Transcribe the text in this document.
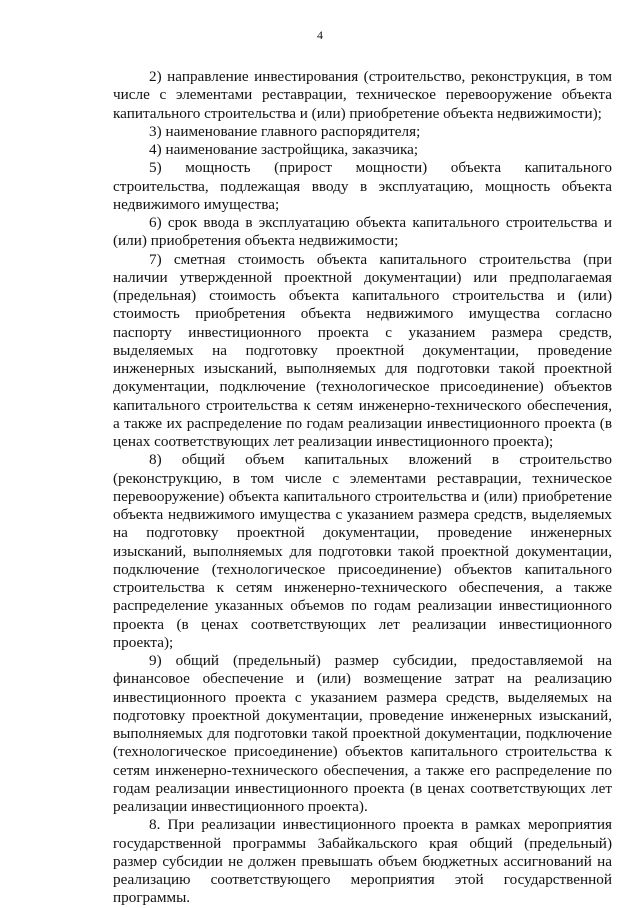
4

2) направление инвестирования (строительство, реконструкция, в том числе с элементами реставрации, техническое перевооружение объекта капитального строительства и (или) приобретение объекта недвижимости);

3) наименование главного распорядителя;

4) наименование застройщика, заказчика;

5) мощность (прирост мощности) объекта капитального строительства, подлежащая вводу в эксплуатацию, мощность объекта недвижимого имущества;

6) срок ввода в эксплуатацию объекта капитального строительства и (или) приобретения объекта недвижимости;

7) сметная стоимость объекта капитального строительства (при наличии утвержденной проектной документации) или предполагаемая (предельная) стоимость объекта капитального строительства и (или) стоимость приобретения объекта недвижимого имущества согласно паспорту инвестиционного проекта с указанием размера средств, выделяемых на подготовку проектной документации, проведение инженерных изысканий, выполняемых для подготовки такой проектной документации, подключение (технологическое присоединение) объектов капитального строительства к сетям инженерно-технического обеспечения, а также их распределение по годам реализации инвестиционного проекта (в ценах соответствующих лет реализации инвестиционного проекта);

8) общий объем капитальных вложений в строительство (реконструкцию, в том числе с элементами реставрации, техническое перевооружение) объекта капитального строительства и (или) приобретение объекта недвижимого имущества с указанием размера средств, выделяемых на подготовку проектной документации, проведение инженерных изысканий, выполняемых для подготовки такой проектной документации, подключение (технологическое присоединение) объектов капитального строительства к сетям инженерно-технического обеспечения, а также распределение указанных объемов по годам реализации инвестиционного проекта (в ценах соответствующих лет реализации инвестиционного проекта);

9) общий (предельный) размер субсидии, предоставляемой на финансовое обеспечение и (или) возмещение затрат на реализацию инвестиционного проекта с указанием размера средств, выделяемых на подготовку проектной документации, проведение инженерных изысканий, выполняемых для подготовки такой проектной документации, подключение (технологическое присоединение) объектов капитального строительства к сетям инженерно-технического обеспечения, а также его распределение по годам реализации инвестиционного проекта (в ценах соответствующих лет реализации инвестиционного проекта).

8. При реализации инвестиционного проекта в рамках мероприятия государственной программы Забайкальского края общий (предельный) размер субсидии не должен превышать объем бюджетных ассигнований на реализацию соответствующего мероприятия этой государственной программы.
